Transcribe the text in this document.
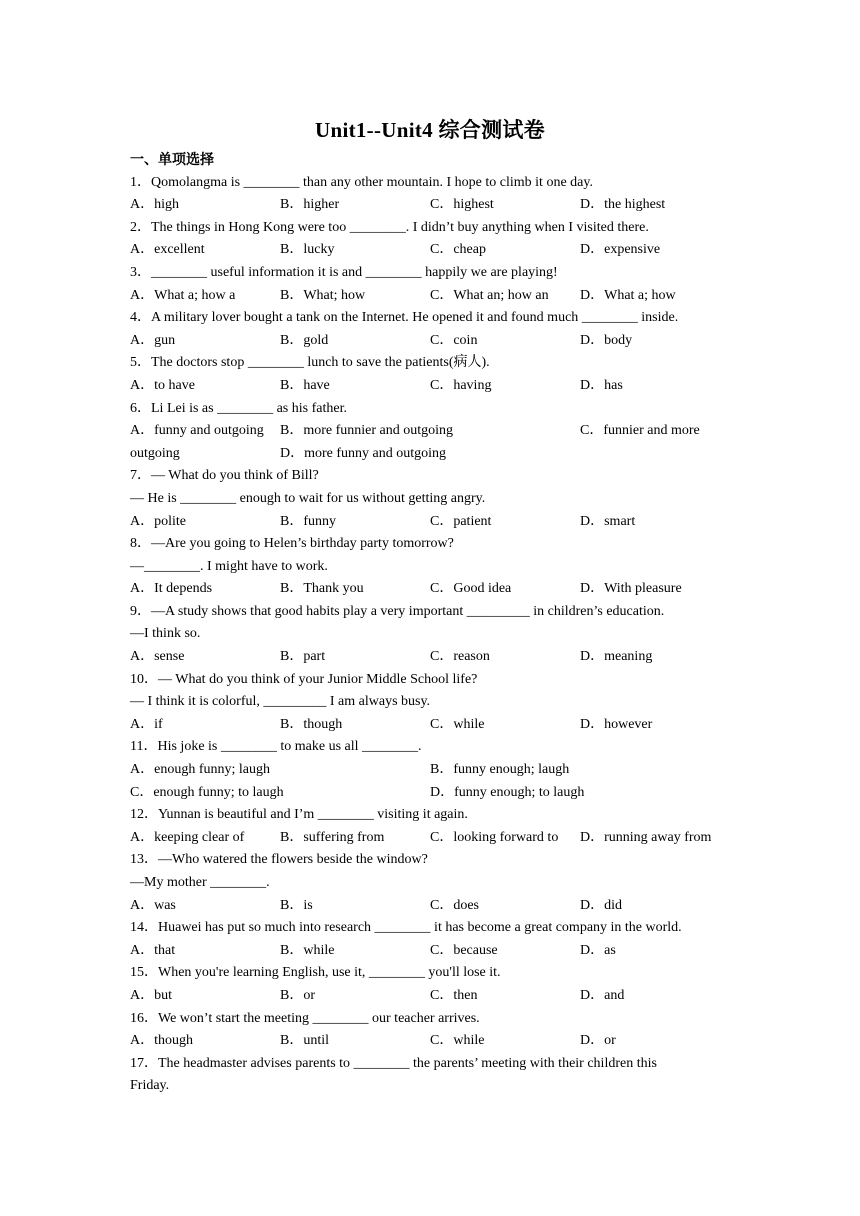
Unit1--Unit4 综合测试卷
一、单项选择
1．Qomolangma is ________ than any other mountain. I hope to climb it one day.
A．high	B．higher	C．highest	D．the highest
2．The things in Hong Kong were too ________. I didn’t buy anything when I visited there.
A．excellent	B．lucky	C．cheap	D．expensive
3．________ useful information it is and ________ happily we are playing!
A．What a; how a	B．What; how	C．What an; how an D．What a; how
4．A military lover bought a tank on the Internet. He opened it and found much ________ inside.
A．gun	B．gold	C．coin	D．body
5．The doctors stop ________ lunch to save the patients(病人).
A．to have	B．have	C．having	D．has
6．Li Lei is as ________ as his father.
A．funny and outgoing B．more funnier and outgoing	C．funnier and more
outgoing	D．more funny and outgoing
7．— What do you think of Bill?
— He is ________ enough to wait for us without getting angry.
A．polite	B．funny	C．patient	D．smart
8．—Are you going to Helen’s birthday party tomorrow?
—________. I might have to work.
A．It depends	B．Thank you	C．Good idea	D．With pleasure
9．—A study shows that good habits play a very important _________ in children’s education.
—I think so.
A．sense	B．part	C．reason	D．meaning
10．— What do you think of your Junior Middle School life?
— I think it is colorful, _________ I am always busy.
A．if	B．though	C．while	D．however
11．His joke is ________ to make us all ________.
A．enough funny; laugh	B．funny enough; laugh
C．enough funny; to laugh	D．funny enough; to laugh
12．Yunnan is beautiful and I’m ________ visiting it again.
A．keeping clear of	B．suffering from	C．looking forward to D．running away from
13．—Who watered the flowers beside the window?
—My mother ________.
A．was	B．is	C．does	D．did
14．Huawei has put so much into research ________ it has become a great company in the world.
A．that	B．while	C．because	D．as
15．When you're learning English, use it, ________ you'll lose it.
A．but	B．or	C．then	D．and
16．We won’t start the meeting ________ our teacher arrives.
A．though	B．until	C．while	D．or
17．The headmaster advises parents to ________ the parents’ meeting with their children this
Friday.
